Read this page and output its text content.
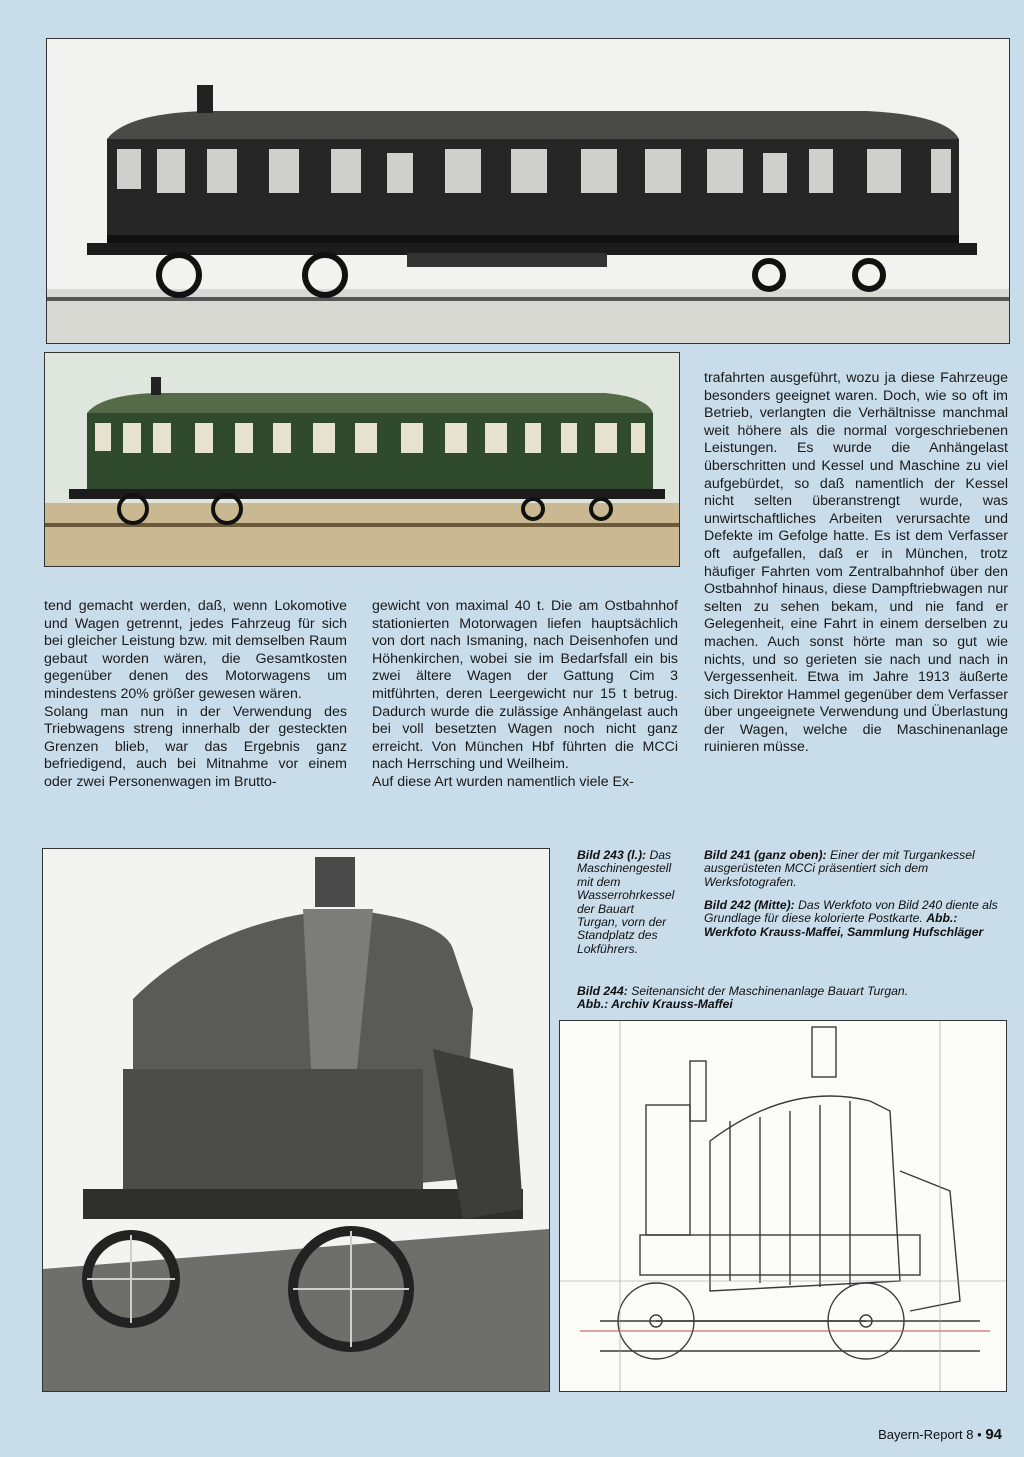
tend gemacht werden, daß, wenn Lokomotive und Wagen getrennt, jedes Fahrzeug für sich bei gleicher Leistung bzw. mit demselben Raum gebaut worden wären, die Gesamtkosten gegenüber denen des Motorwagens um mindestens 20% größer gewesen wären.

Solang man nun in der Verwendung des Triebwagens streng innerhalb der gesteckten Grenzen blieb, war das Ergebnis ganz befriedigend, auch bei Mitnahme vor einem oder zwei Personenwagen im Brutto-

gewicht von maximal 40 t. Die am Ostbahnhof stationierten Motorwagen liefen hauptsächlich von dort nach Ismaning, nach Deisenhofen und Höhenkirchen, wobei sie im Bedarfsfall ein bis zwei ältere Wagen der Gattung Cim 3 mitführten, deren Leergewicht nur 15 t betrug. Dadurch wurde die zulässige Anhängelast auch bei voll besetzten Wagen noch nicht ganz erreicht. Von München Hbf führten die MCCi nach Herrsching und Weilheim.

Auf diese Art wurden namentlich viele Ex-

trafahrten ausgeführt, wozu ja diese Fahrzeuge besonders geeignet waren. Doch, wie so oft im Betrieb, verlangten die Verhältnisse manchmal weit höhere als die normal vorgeschriebenen Leistungen. Es wurde die Anhängelast überschritten und Kessel und Maschine zu viel aufgebürdet, so daß namentlich der Kessel nicht selten überanstrengt wurde, was unwirtschaftliches Arbeiten verursachte und Defekte im Gefolge hatte. Es ist dem Verfasser oft aufgefallen, daß er in München, trotz häufiger Fahrten vom Zentralbahnhof über den Ostbahnhof hinaus, diese Dampftriebwagen nur selten zu sehen bekam, und nie fand er Gelegenheit, eine Fahrt in einem derselben zu machen. Auch sonst hörte man so gut wie nichts, und so gerieten sie nach und nach in Vergessenheit. Etwa im Jahre 1913 äußerte sich Direktor Hammel gegenüber dem Verfasser über ungeeignete Verwendung und Überlastung der Wagen, welche die Maschinenanlage ruinieren müsse.

Bild 243 (l.): Das Maschinengestell mit dem Wasserrohrkessel der Bauart Turgan, vorn der Standplatz des Lokführers.
Bild 241 (ganz oben): Einer der mit Turgankessel ausgerüsteten MCCi präsentiert sich dem Werksfotografen.
Bild 242 (Mitte): Das Werkfoto von Bild 240 diente als Grundlage für diese kolorierte Postkarte. Abb.: Werkfoto Krauss-Maffei, Sammlung Hufschläger
Bild 244: Seitenansicht der Maschinenanlage Bauart Turgan.
Abb.: Archiv Krauss-Maffei
Bayern-Report 8 • 94
